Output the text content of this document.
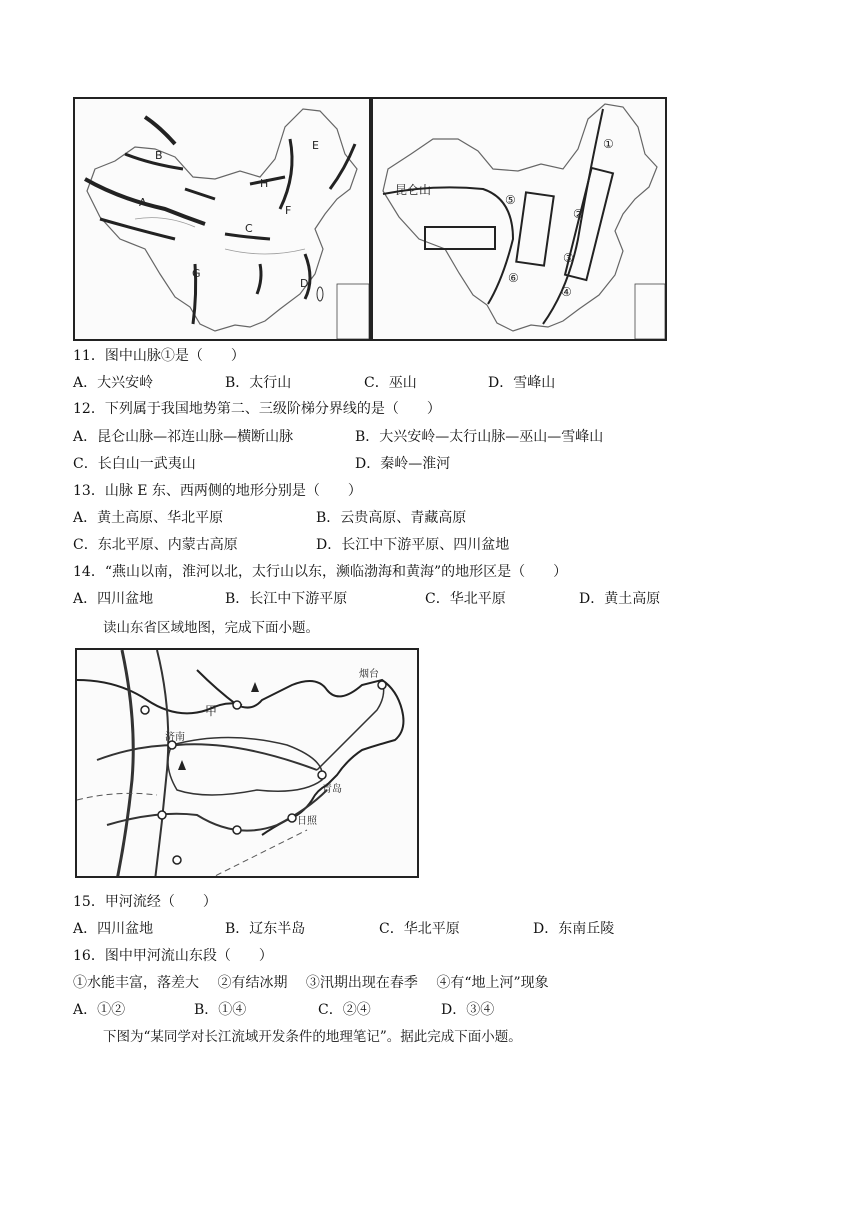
A
B
C
D
E
F
G
H	昆仑山
①
②
③
④
⑤
⑥
11．图中山脉①是（　　）
A．大兴安岭	B．太行山	C．巫山	D．雪峰山
12．下列属于我国地势第二、三级阶梯分界线的是（　　）
A．昆仑山脉—祁连山脉—横断山脉	B．大兴安岭—太行山脉—巫山—雪峰山
C．长白山一武夷山	D．秦岭—淮河
13．山脉 E 东、西两侧的地形分别是（　　）
A．黄土高原、华北平原	B．云贵高原、青藏高原
C．东北平原、内蒙古高原	D．长江中下游平原、四川盆地
14．“燕山以南，淮河以北，太行山以东，濒临渤海和黄海”的地形区是（　　）
A．四川盆地	B．长江中下游平原	C．华北平原	D．黄土高原
读山东省区域地图，完成下面小题。
甲
济南
青岛
日照
烟台
15．甲河流经（　　）
A．四川盆地	B．辽东半岛	C．华北平原	D．东南丘陵
16．图中甲河流山东段（　　）
①水能丰富，落差大　 ②有结冰期　 ③汛期出现在春季　 ④有“地上河”现象
A．①②	B．①④	C．②④	D．③④
下图为“某同学对长江流域开发条件的地理笔记”。据此完成下面小题。
